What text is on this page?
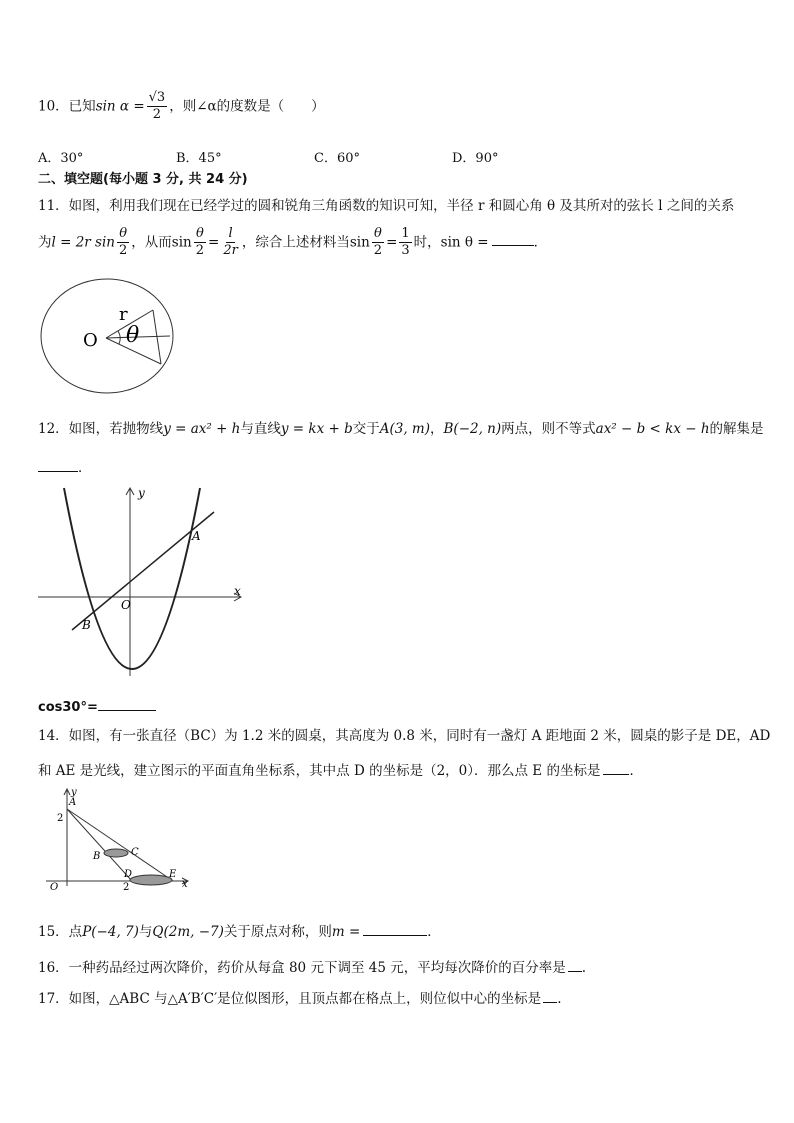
10．已知$\sin \alpha = \frac{√3}{2}$ ，则∠α的度数是（　　）
A．30°	B．45°	C．60°	D．90°
二、填空题(每小题 3 分, 共 24 分)
11．如图，利用我们现在已经学过的圆和锐角三角函数的知识可知，半径 r 和圆心角 θ 及其所对的弦长 l 之间的关系
为l = 2r $\sin \frac{\theta}{2}$ ，从而$\sin \frac{\theta}{2} = \frac{l}{2r}$ ，综合上述材料当$\sin \frac{\theta}{2} = \frac{1}{3}$ 时，sin θ =	．
O
r
θ
12．如图，若抛物线y = ax² + h与直线y = kx + b交于A(3, m)，B(−2, n)两点，则不等式ax² − b < kx − h的解集是
．
y
x
O
A
B
cos30°=
14．如图，有一张直径（BC）为 1.2 米的圆桌，其高度为 0.8 米，同时有一盏灯 A 距地面 2 米，圆桌的影子是 DE，AD
和 AE 是光线，建立图示的平面直角坐标系，其中点 D 的坐标是（2，0）．那么点 E 的坐标是 ．
y
A
2
B	C
D	E
2
O	x
15．点P(−4, 7)与Q(2m, −7)关于原点对称，则m =	．
16．一种药品经过两次降价，药价从每盒 80 元下调至 45 元，平均每次降价的百分率是 .
17．如图，△ABC 与△A′B′C′是位似图形，且顶点都在格点上，则位似中心的坐标是 .
